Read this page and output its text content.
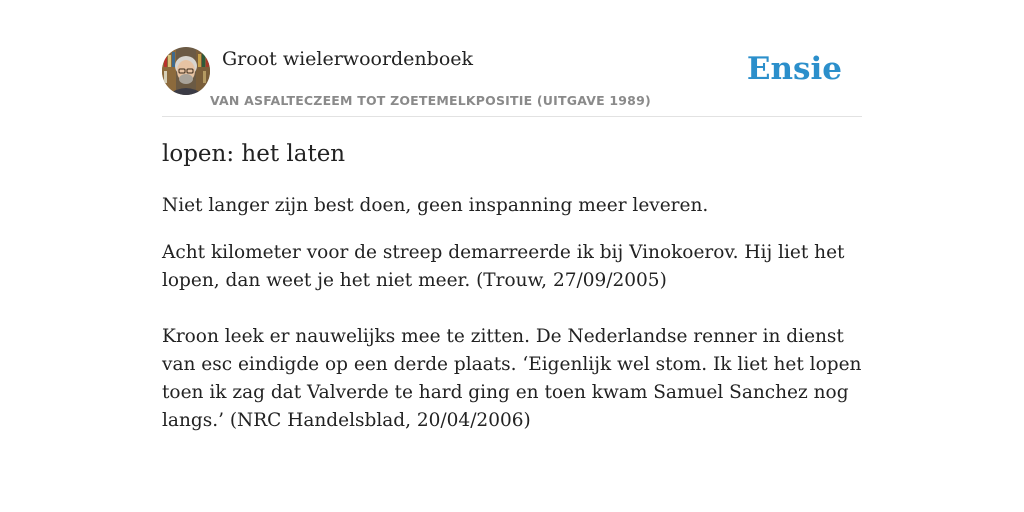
Groot wielerwoordenboek
VAN ASFALTECZEEM TOT ZOETEMELKPOSITIE (UITGAVE 1989)
Ensie
lopen: het laten

Niet langer zijn best doen, geen inspanning meer leveren.

Acht kilometer voor de streep demarreerde ik bij Vinokoerov. Hij liet het lopen, dan weet je het niet meer. (Trouw, 27/09/2005)

Kroon leek er nauwelijks mee te zitten. De Nederlandse renner in dienst van esc eindigde op een derde plaats. ‘Eigenlijk wel stom. Ik liet het lopen toen ik zag dat Valverde te hard ging en toen kwam Samuel Sanchez nog langs.’ (NRC Handelsblad, 20/04/2006)
